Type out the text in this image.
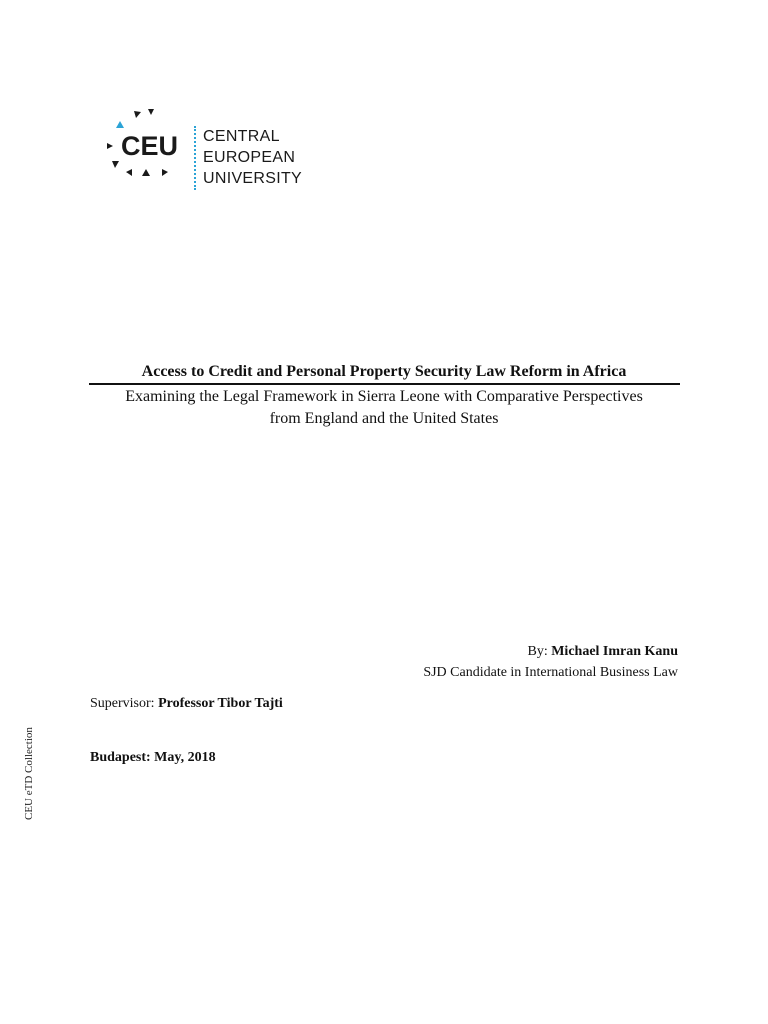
CEU CENTRAL
EUROPEAN
UNIVERSITY
Access to Credit and Personal Property Security Law Reform in Africa
Examining the Legal Framework in Sierra Leone with Comparative Perspectives
from England and the United States
By: Michael Imran Kanu
SJD Candidate in International Business Law
Supervisor: Professor Tibor Tajti
Budapest: May, 2018
CEU eTD Collection
